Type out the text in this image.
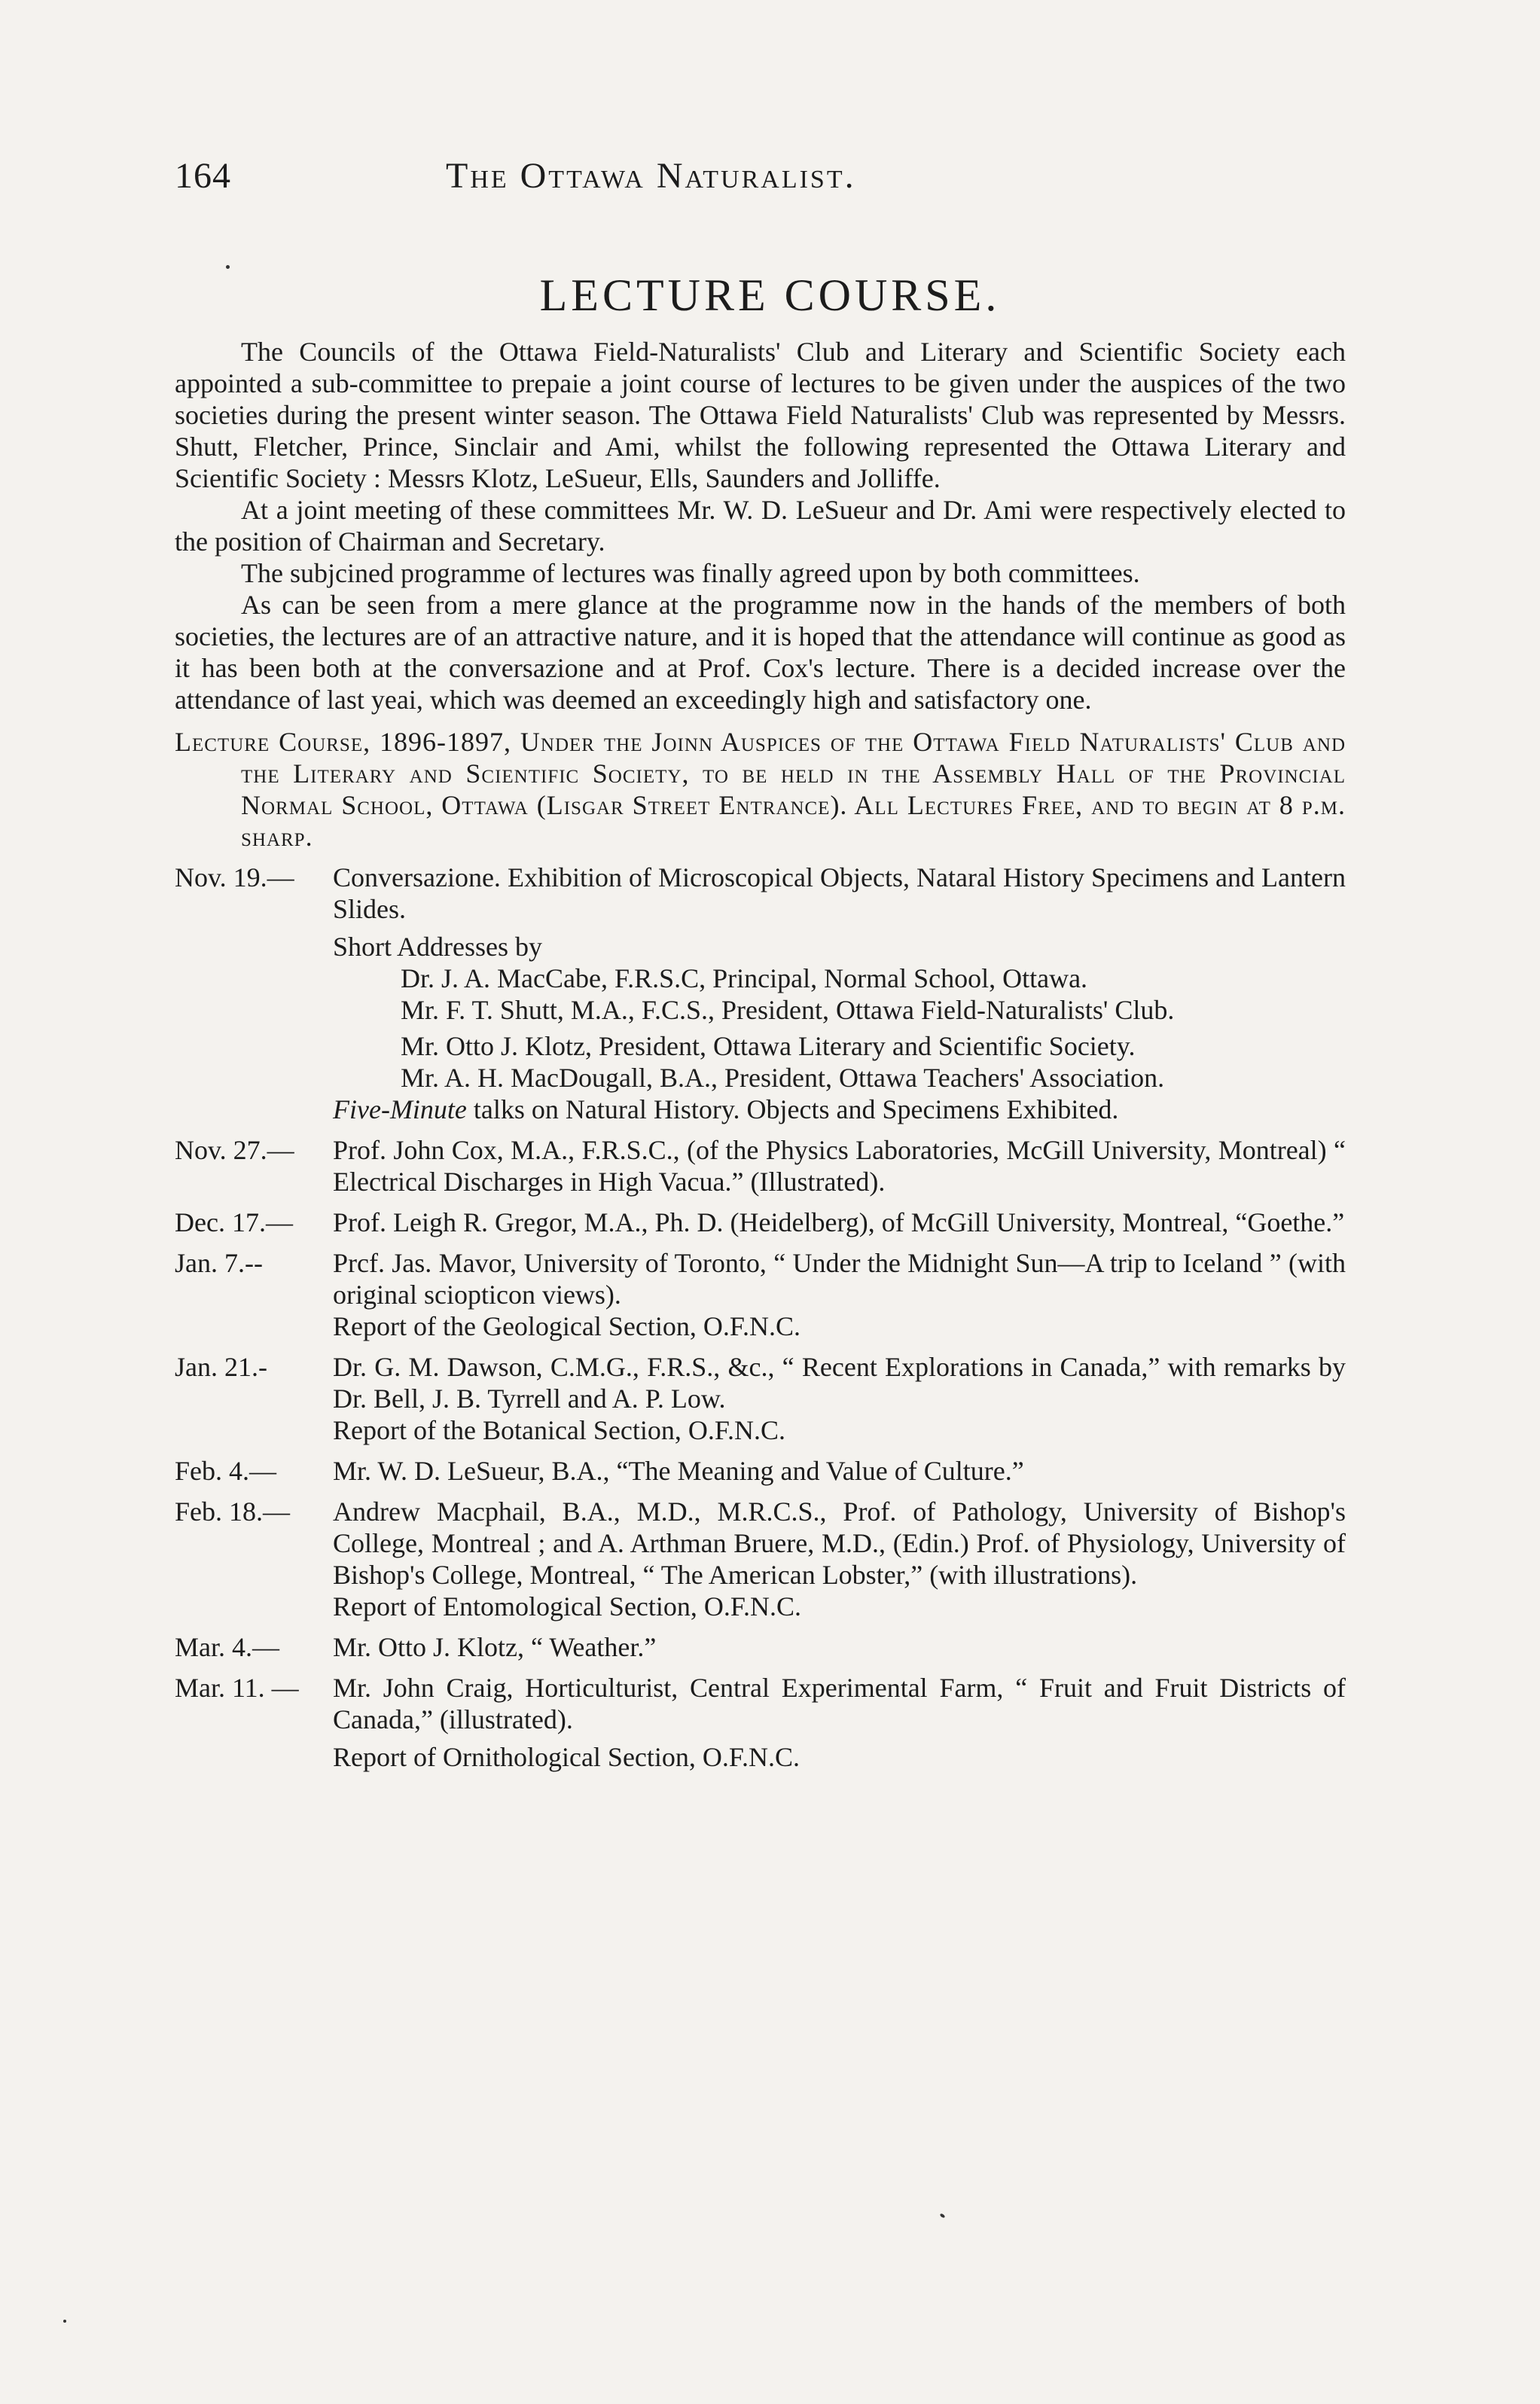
164	The Ottawa Naturalist.
LECTURE COURSE.

The Councils of the Ottawa Field-Naturalists' Club and Literary and Scientific Society each appointed a sub-committee to prepaie a joint course of lectures to be given under the auspices of the two societies during the present winter season. The Ottawa Field Naturalists' Club was represented by Messrs. Shutt, Fletcher, Prince, Sinclair and Ami, whilst the following represented the Ottawa Literary and Scientific Society : Messrs Klotz, LeSueur, Ells, Saunders and Jolliffe.

At a joint meeting of these committees Mr. W. D. LeSueur and Dr. Ami were respectively elected to the position of Chairman and Secretary.

The subjcined programme of lectures was finally agreed upon by both committees.

As can be seen from a mere glance at the programme now in the hands of the members of both societies, the lectures are of an attractive nature, and it is hoped that the attendance will continue as good as it has been both at the conversazione and at Prof. Cox's lecture. There is a decided increase over the attendance of last yeai, which was deemed an exceedingly high and satisfactory one.

Lecture Course, 1896-1897, Under the Joinn Auspices of the Ottawa Field Naturalists' Club and the Literary and Scientific Society, to be held in the Assembly Hall of the Provincial Normal School, Ottawa (Lisgar Street Entrance). All Lectures Free, and to begin at 8 p.m. sharp.
Nov. 19.—	Conversazione. Exhibition of Microscopical Objects, Nataral History Specimens and Lantern Slides.
Short Addresses by
Dr. J. A. MacCabe, F.R.S.C, Principal, Normal School, Ottawa.
Mr. F. T. Shutt, M.A., F.C.S., President, Ottawa Field-Naturalists' Club.
Mr. Otto J. Klotz, President, Ottawa Literary and Scientific Society.
Mr. A. H. MacDougall, B.A., President, Ottawa Teachers' Association.
Five-Minute talks on Natural History. Objects and Specimens Exhibited.
Nov. 27.—	Prof. John Cox, M.A., F.R.S.C., (of the Physics Laboratories, McGill University, Montreal) “ Electrical Discharges in High Vacua.” (Illustrated).
Dec. 17.—	Prof. Leigh R. Gregor, M.A., Ph. D. (Heidelberg), of McGill University, Montreal, “Goethe.”
Jan. 7.--	Prcf. Jas. Mavor, University of Toronto, “ Under the Midnight Sun—A trip to Iceland ” (with original sciopticon views).
Report of the Geological Section, O.F.N.C.
Jan. 21.-	Dr. G. M. Dawson, C.M.G., F.R.S., &c., “ Recent Explorations in Canada,” with remarks by Dr. Bell, J. B. Tyrrell and A. P. Low.
Report of the Botanical Section, O.F.N.C.
Feb. 4.—	Mr. W. D. LeSueur, B.A., “The Meaning and Value of Culture.”
Feb. 18.—	Andrew Macphail, B.A., M.D., M.R.C.S., Prof. of Pathology, University of Bishop's College, Montreal ; and A. Arthman Bruere, M.D., (Edin.) Prof. of Physiology, University of Bishop's College, Montreal, “ The American Lobster,” (with illustrations).
Report of Entomological Section, O.F.N.C.
Mar. 4.—	Mr. Otto J. Klotz, “ Weather.”
Mar. 11. —	Mr. John Craig, Horticulturist, Central Experimental Farm, “ Fruit and Fruit Districts of Canada,” (illustrated).
Report of Ornithological Section, O.F.N.C.
